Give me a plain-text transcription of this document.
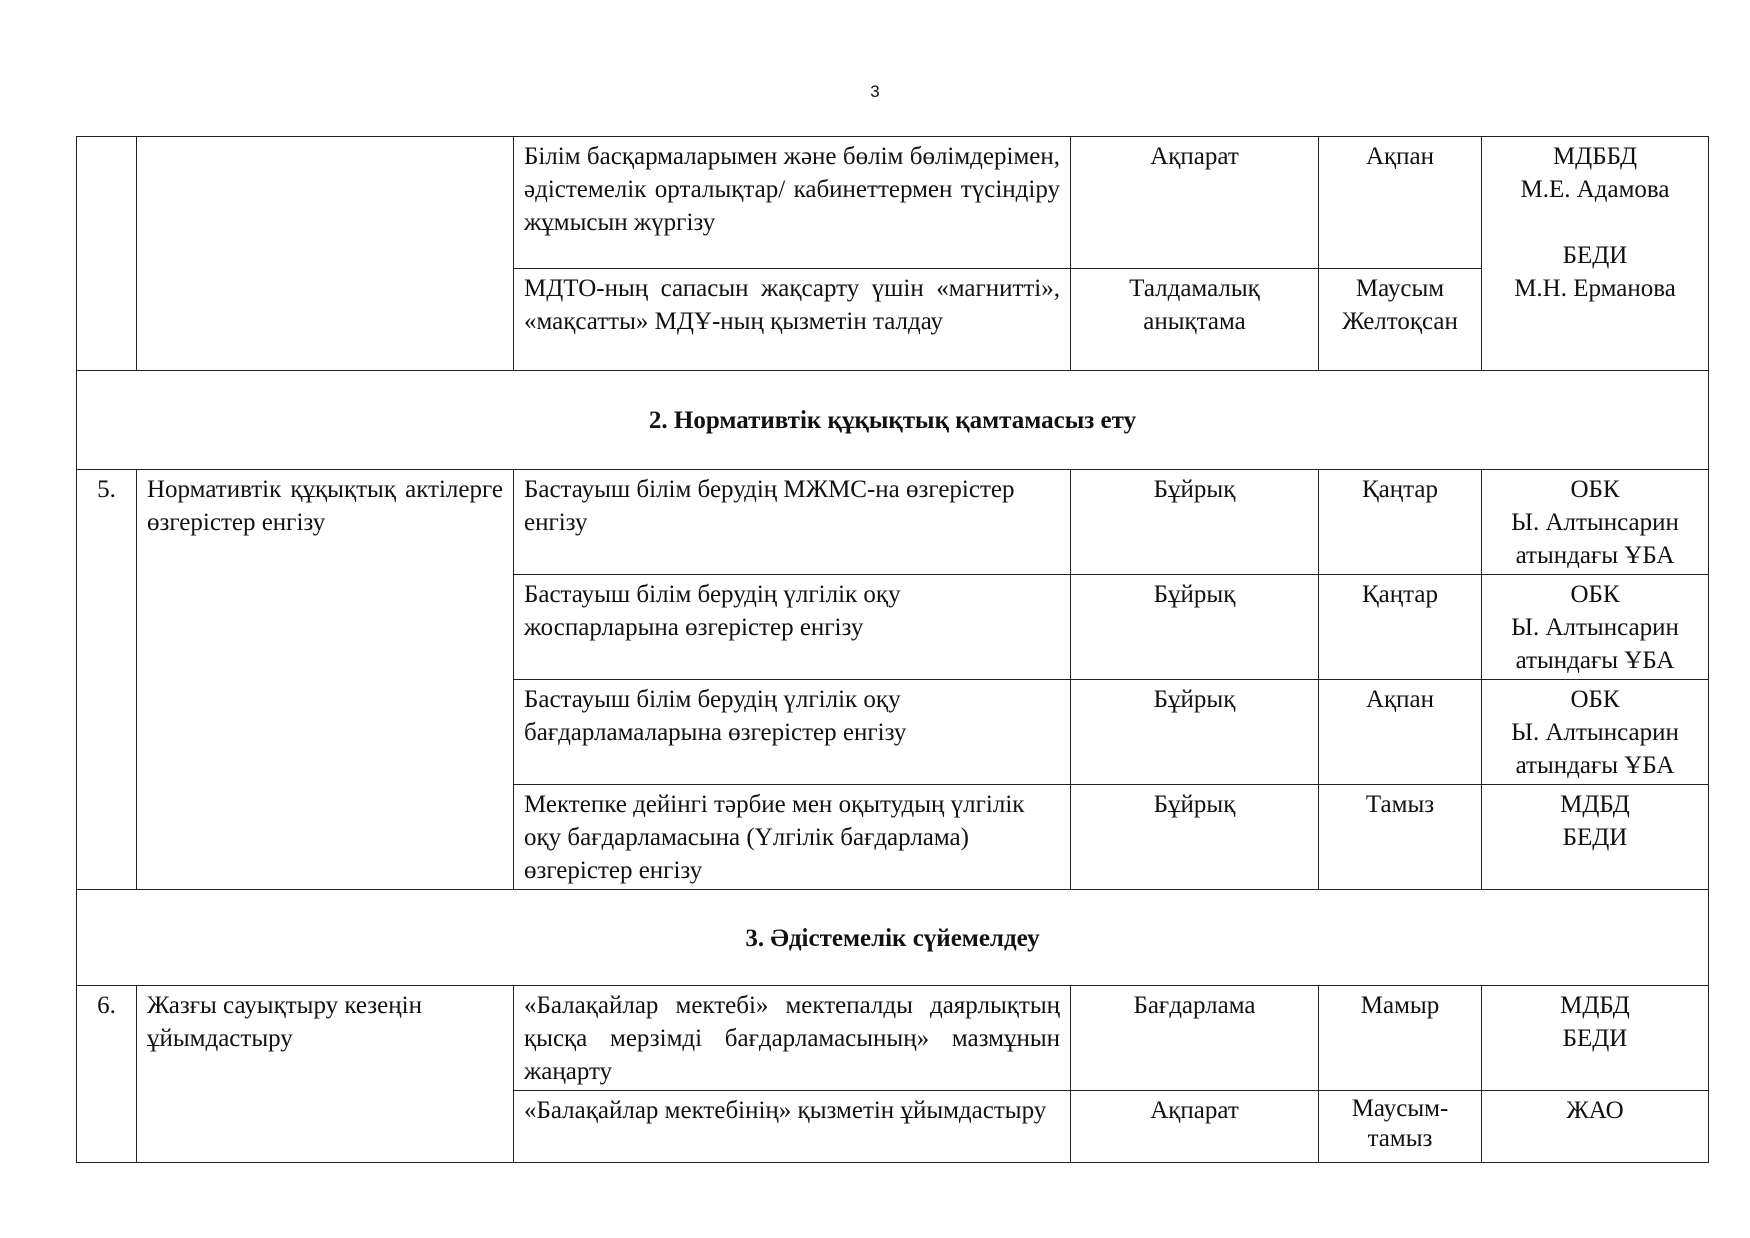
3
		Білім басқармаларымен және бөлім бөлімдерімен, әдістемелік орталықтар/ кабинеттермен түсіндіру жұмысын жүргізу	Ақпарат	Ақпан	МДББД
М.Е. Адамова
БЕДИ
М.Н. Ерманова

		МДТО-ның сапасын жақсарту үшін «магнитті», «мақсатты» МДҰ-ның қызметін талдау	Талдамалық анықтама	Маусым Желтоқсан	
2. Нормативтік құқықтық қамтамасыз ету					
5.	Нормативтік құқықтық актілерге өзгерістер енгізу	Бастауыш білім берудің МЖМС-на өзгерістер енгізу	Бұйрық	Қаңтар	ОБК
Ы. Алтынсарин атындағы ҰБА

		Бастауыш білім берудің үлгілік оқу жоспарларына өзгерістер енгізу	Бұйрық	Қаңтар	ОБК
Ы. Алтынсарин атындағы ҰБА

		Бастауыш білім берудің үлгілік оқу бағдарламаларына өзгерістер енгізу	Бұйрық	Ақпан	ОБК
Ы. Алтынсарин атындағы ҰБА

		Мектепке дейінгі тәрбие мен оқытудың үлгілік оқу бағдарламасына (Үлгілік бағдарлама) өзгерістер енгізу	Бұйрық	Тамыз	МДБД
БЕДИ

3. Әдістемелік сүйемелдеу					
6.	Жазғы сауықтыру кезеңін ұйымдастыру	«Балақайлар мектебі» мектепалды даярлықтың қысқа мерзімді бағдарламасының» мазмұнын жаңарту	Бағдарлама	Мамыр	МДБД
БЕДИ

		«Балақайлар мектебінің» қызметін ұйымдастыру	Ақпарат	Маусым-тамыз	ЖАО
